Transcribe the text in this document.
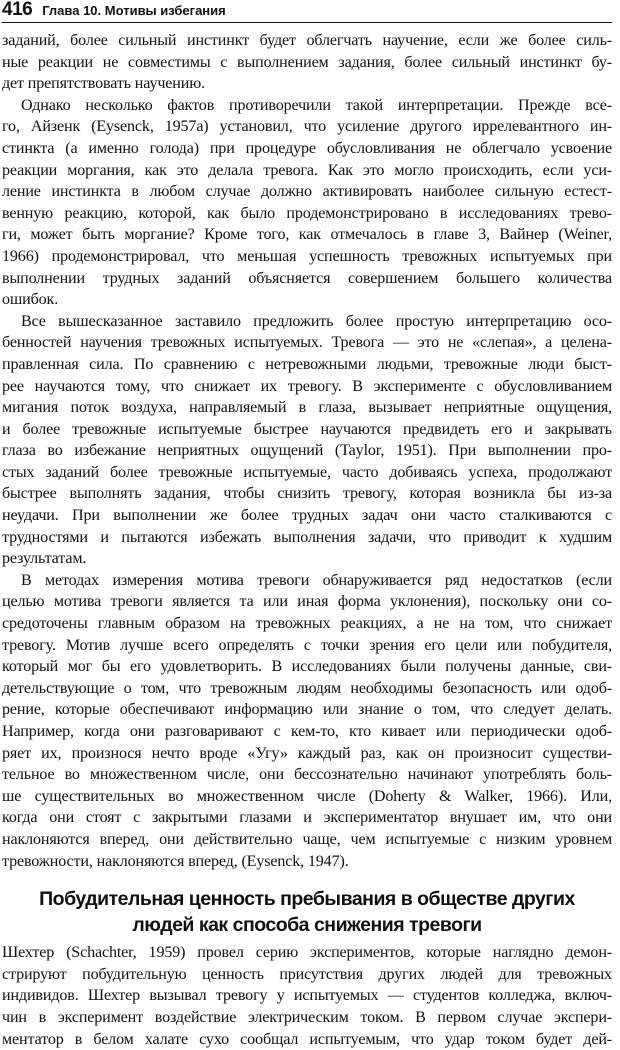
416 Глава 10. Мотивы избегания
заданий, более сильный инстинкт будет облегчать научение, если же более силь-
ные реакции не совместимы с выполнением задания, более сильный инстинкт бу-
дет препятствовать научению.
Однако несколько фактов противоречили такой интерпретации. Прежде все-
го, Айзенк (Eysenck, 1957а) установил, что усиление другого иррелевантного ин-
стинкта (а именно голода) при процедуре обусловливания не облегчало усвоение
реакции моргания, как это делала тревога. Как это могло происходить, если уси-
ление инстинкта в любом случае должно активировать наиболее сильную естест-
венную реакцию, которой, как было продемонстрировано в исследованиях трево-
ги, может быть моргание? Кроме того, как отмечалось в главе 3, Вайнер (Weiner,
1966) продемонстрировал, что меньшая успешность тревожных испытуемых при
выполнении трудных заданий объясняется совершением большего количества
ошибок.
Все вышесказанное заставило предложить более простую интерпретацию осо-
бенностей научения тревожных испытуемых. Тревога — это не «слепая», а целена-
правленная сила. По сравнению с нетревожными людьми, тревожные люди быст-
рее научаются тому, что снижает их тревогу. В эксперименте с обусловливанием
мигания поток воздуха, направляемый в глаза, вызывает неприятные ощущения,
и более тревожные испытуемые быстрее научаются предвидеть его и закрывать
глаза во избежание неприятных ощущений (Taylor, 1951). При выполнении про-
стых заданий более тревожные испытуемые, часто добиваясь успеха, продолжают
быстрее выполнять задания, чтобы снизить тревогу, которая возникла бы из-за
неудачи. При выполнении же более трудных задач они часто сталкиваются с
трудностями и пытаются избежать выполнения задачи, что приводит к худшим
результатам.
В методах измерения мотива тревоги обнаруживается ряд недостатков (если
целью мотива тревоги является та или иная форма уклонения), поскольку они со-
средоточены главным образом на тревожных реакциях, а не на том, что снижает
тревогу. Мотив лучше всего определять с точки зрения его цели или побудителя,
который мог бы его удовлетворить. В исследованиях были получены данные, сви-
детельствующие о том, что тревожным людям необходимы безопасность или одоб-
рение, которые обеспечивают информацию или знание о том, что следует делать.
Например, когда они разговаривают с кем-то, кто кивает или периодически одоб-
ряет их, произнося нечто вроде «Угу» каждый раз, как он произносит существи-
тельное во множественном числе, они бессознательно начинают употреблять боль-
ше существительных во множественном числе (Doherty & Walker, 1966). Или,
когда они стоят с закрытыми глазами и экспериментатор внушает им, что они
наклоняются вперед, они действительно чаще, чем испытуемые с низким уровнем
тревожности, наклоняются вперед, (Eysenck, 1947).
Побудительная ценность пребывания в обществе других
людей как способа снижения тревоги
Шехтер (Schachter, 1959) провел серию экспериментов, которые наглядно демон-
стрируют побудительную ценность присутствия других людей для тревожных
индивидов. Шехтер вызывал тревогу у испытуемых — студентов колледжа, включ-
чин в эксперимент воздействие электрическим током. В первом случае экспери-
ментатор в белом халате сухо сообщал испытуемым, что удар током будет дей-
